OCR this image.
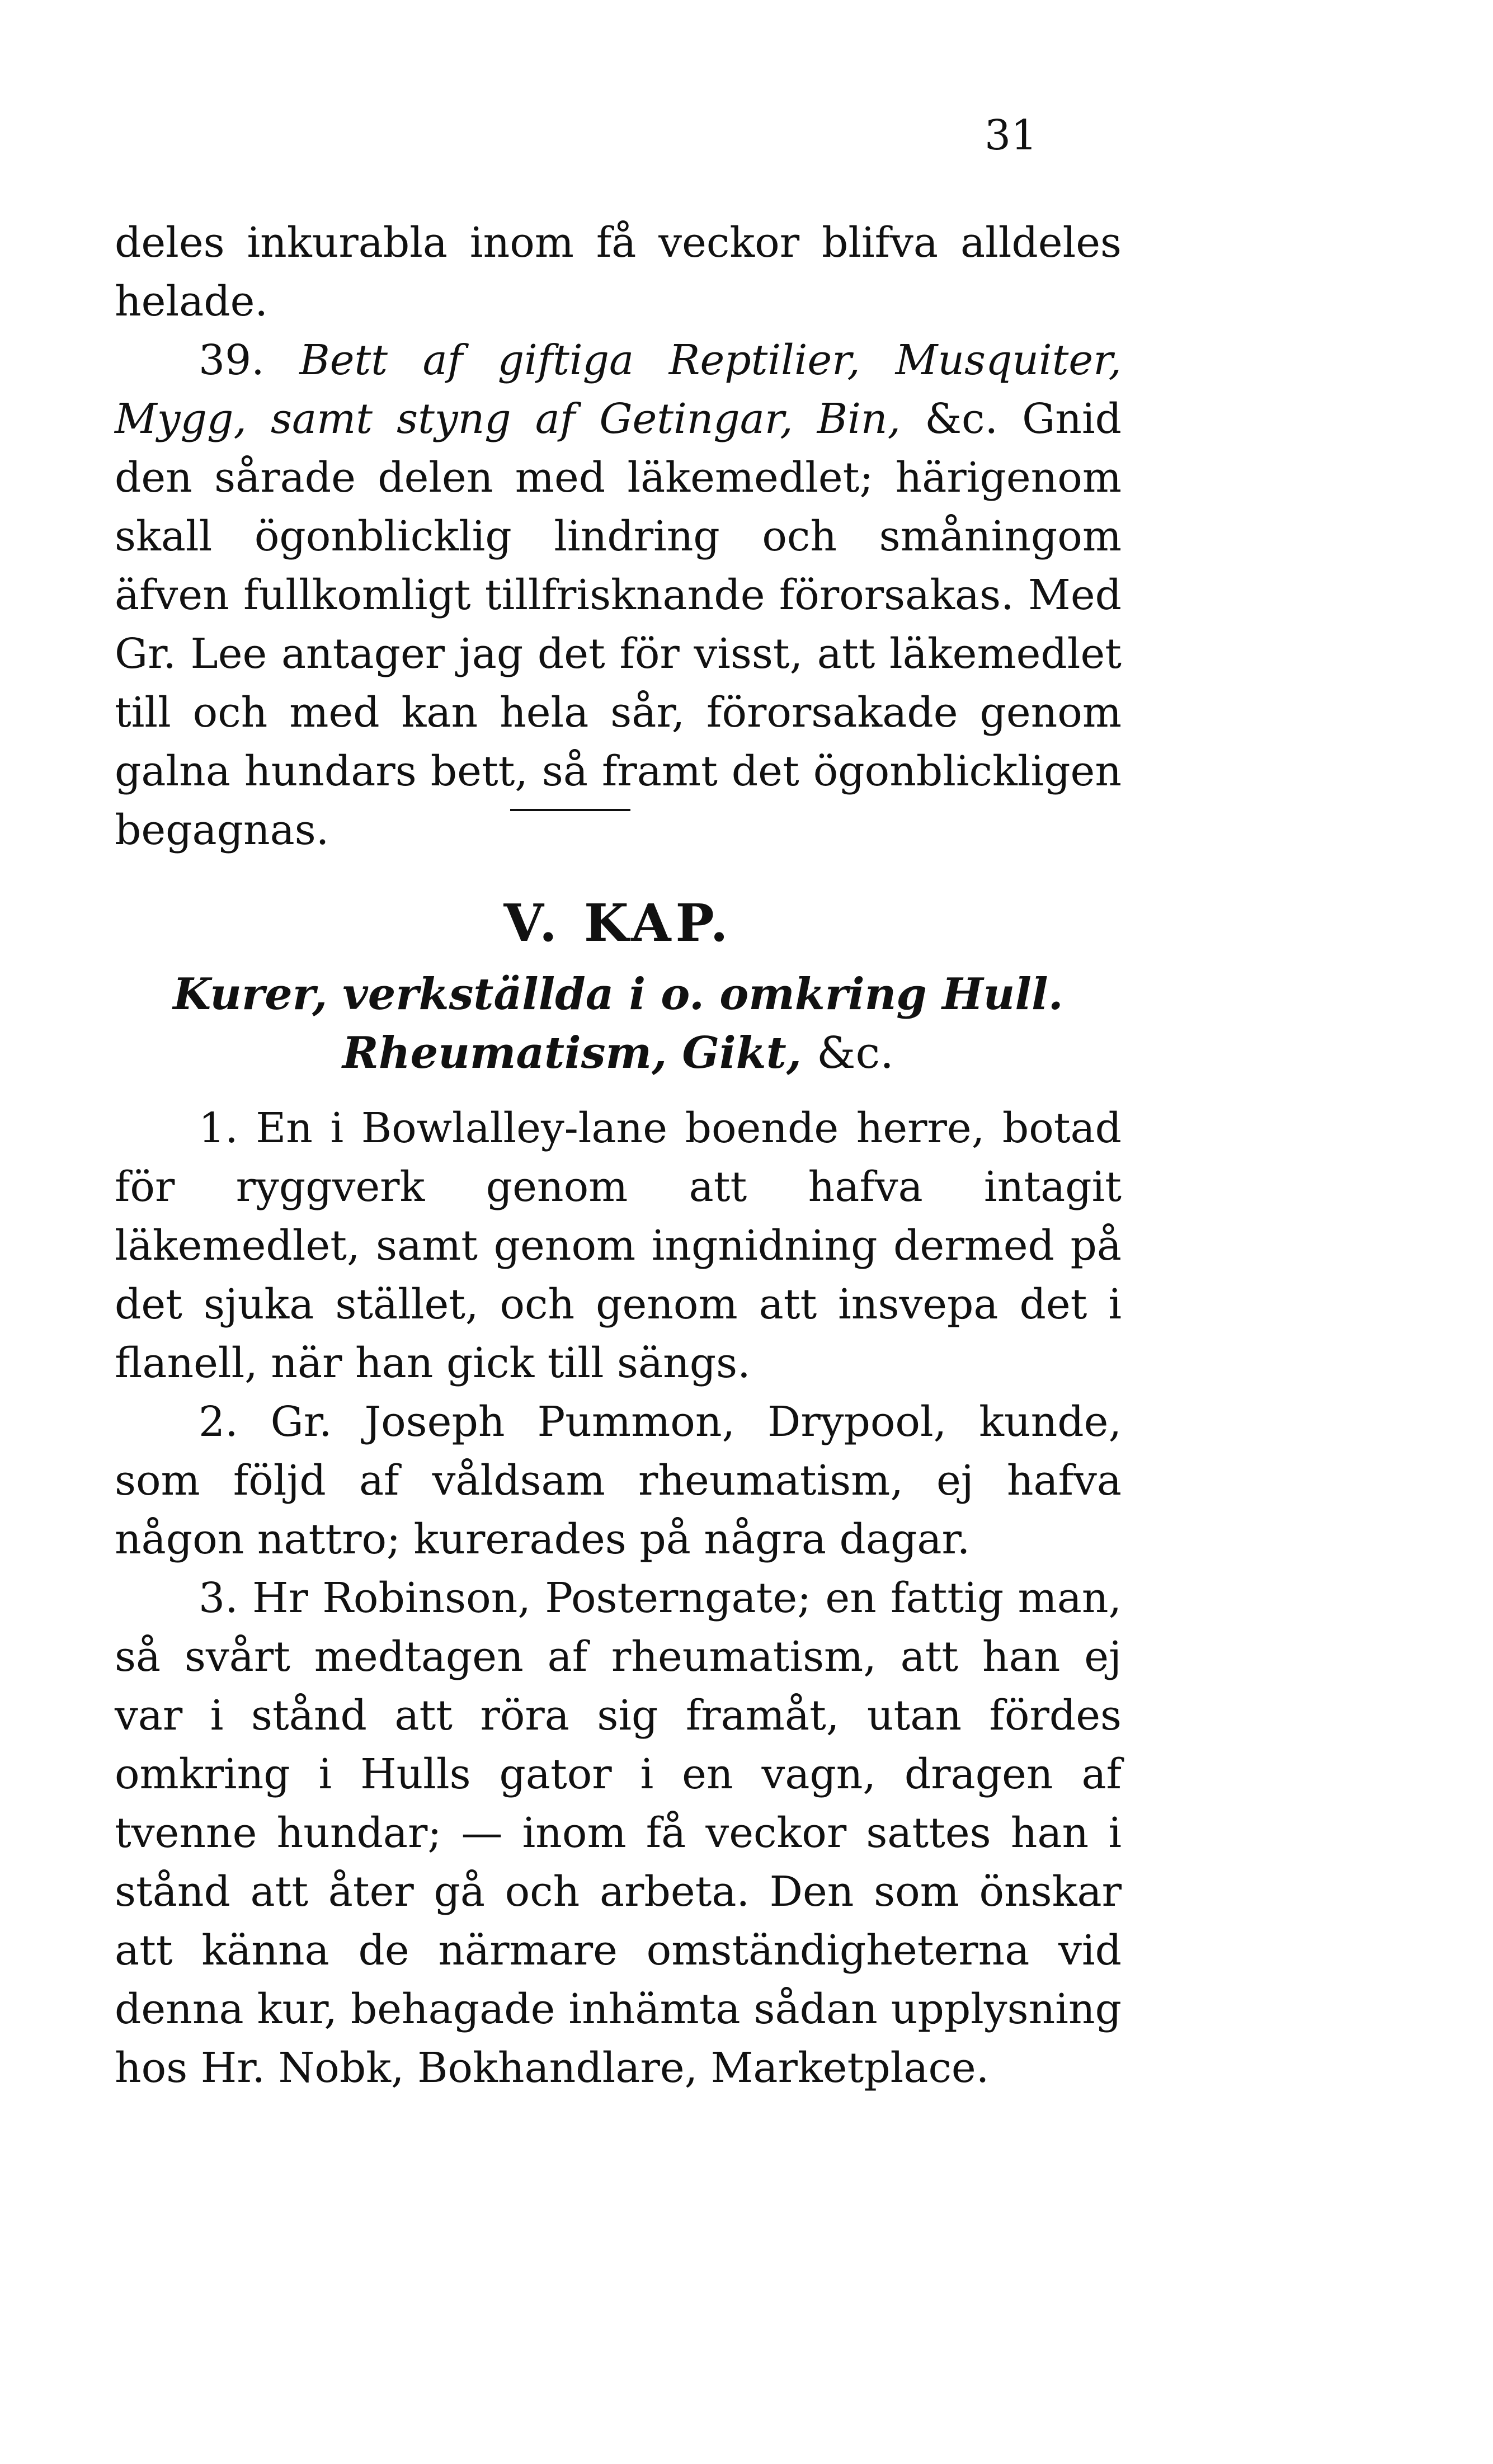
31

deles inkurabla inom få veckor blifva alldeles helade.

39. Bett af giftiga Reptilier, Musquiter, Mygg, samt styng af Getingar, Bin, &c. Gnid den sårade delen med läkemedlet; härigenom skall ögonblicklig lindring och småningom äfven fullkomligt tillfrisknande förorsakas. Med Gr. Lee antager jag det för visst, att läkemedlet till och med kan hela sår, förorsakade genom galna hundars bett, så framt det ögonblickligen begagnas.

V. KAP.
Kurer, verkställda i o. omkring Hull.
Rheumatism, Gikt, &c.

1. En i Bowlalley-lane boende herre, botad för ryggverk genom att hafva intagit läkemedlet, samt genom ingnidning dermed på det sjuka stället, och genom att insvepa det i flanell, när han gick till sängs.

2. Gr. Joseph Pummon, Drypool, kunde, som följd af våldsam rheumatism, ej hafva någon nattro; kurerades på några dagar.

3. Hr Robinson, Posterngate; en fattig man, så svårt medtagen af rheumatism, att han ej var i stånd att röra sig framåt, utan fördes omkring i Hulls gator i en vagn, dragen af tvenne hundar; — inom få veckor sattes han i stånd att åter gå och arbeta. Den som önskar att känna de närmare omständigheterna vid denna kur, behagade inhämta sådan upplysning hos Hr. Nobk, Bokhandlare, Marketplace.
